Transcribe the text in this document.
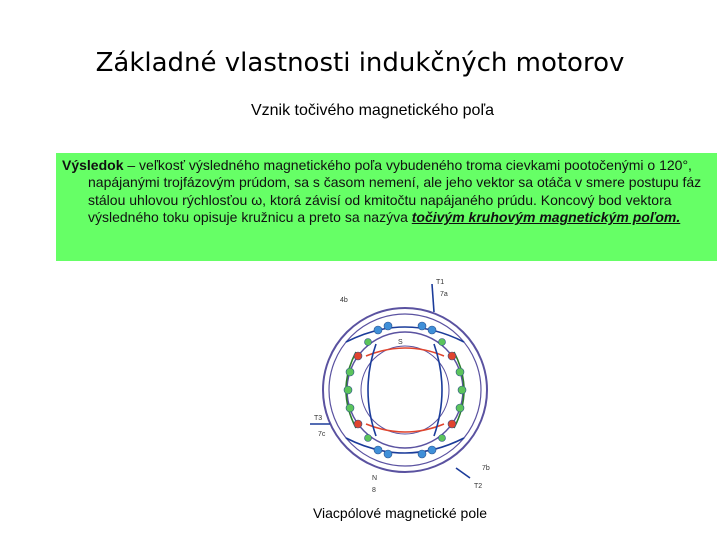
Základné vlastnosti indukčných motorov
Vznik točivého magnetického poľa

Výsledok – veľkosť výsledného magnetického poľa vybudeného troma cievkami pootočenými o 120°, napájanými trojfázovým prúdom, sa s časom nemení, ale jeho vektor sa otáča v smere postupu fáz stálou uhlovou rýchlosťou ω, ktorá závisí od kmitočtu napájaného prúdu. Koncový bod vektora výsledného toku opisuje kružnicu a preto sa nazýva točivým kruhovým magnetickým poľom.

T1
7a
4b
T3
7c
7b
T2
N
S
8
Viacpólové magnetické pole
